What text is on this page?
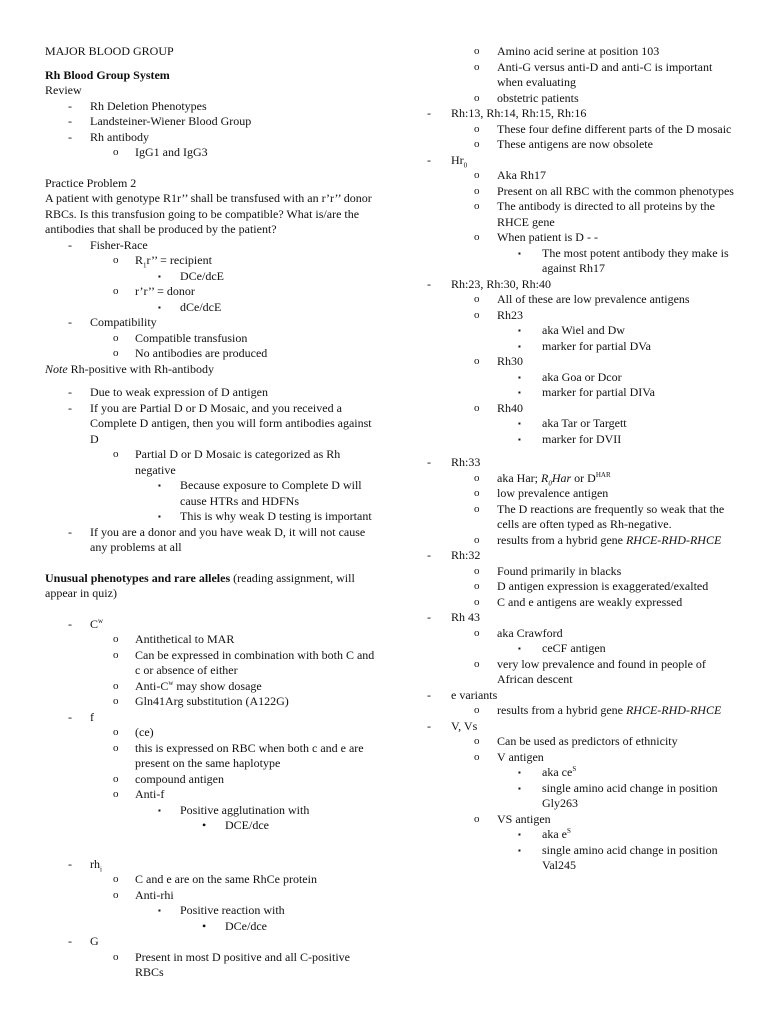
MAJOR BLOOD GROUP
Rh Blood Group System
Review
- Rh Deletion Phenotypes
- Landsteiner-Wiener Blood Group
- Rh antibody
o IgG1 and IgG3
Practice Problem 2
A patient with genotype R1r’’ shall be transfused with an r’r’’ donor RBCs. Is this transfusion going to be compatible? What is/are the antibodies that shall be produced by the patient?
- Fisher-Race
o $R_1r$’’ = recipient
▪ DCe/dcE
o r’r’’ = donor
▪ dCe/dcE
- Compatibility
o Compatible transfusion
o No antibodies are produced
Note Rh-positive with Rh-antibody
- Due to weak expression of D antigen
- If you are Partial D or D Mosaic, and you received a Complete D antigen, then you will form antibodies against D
o Partial D or D Mosaic is categorized as Rh negative
▪ Because exposure to Complete D will cause HTRs and HDFNs
▪ This is why weak D testing is important
- If you are a donor and you have weak D, it will not cause any problems at all
Unusual phenotypes and rare alleles (reading assignment, will appear in quiz)
- $C^w$
o Antithetical to MAR
o Can be expressed in combination with both C and c or absence of either
o Anti-$C^w$ may show dosage
o Gln41Arg substitution (A122G)
- f
o (ce)
o this is expressed on RBC when both c and e are present on the same haplotype
o compound antigen
o Anti-f
▪ Positive agglutination with
• DCE/dce
- $rh_i$
o C and e are on the same RhCe protein
o Anti-rhi
▪ Positive reaction with
• DCe/dce
- G
o Present in most D positive and all C-positive RBCs
o Amino acid serine at position 103
o Anti-G versus anti-D and anti-C is important when evaluating
o obstetric patients
- Rh:13, Rh:14, Rh:15, Rh:16
o These four define different parts of the D mosaic
o These antigens are now obsolete
- $Hr_0$
o Aka Rh17
o Present on all RBC with the common phenotypes
o The antibody is directed to all proteins by the RHCE gene
o When patient is D - -
▪ The most potent antibody they make is against Rh17
- Rh:23, Rh:30, Rh:40
o All of these are low prevalence antigens
o Rh23
▪ aka Wiel and Dw
▪ marker for partial DVa
o Rh30
▪ aka Goa or Dcor
▪ marker for partial DIVa
o Rh40
▪ aka Tar or Targett
▪ marker for DVII
- Rh:33
o aka Har; $R_0Har$ or $D^{HAR}$
o low prevalence antigen
o The D reactions are frequently so weak that the cells are often typed as Rh-negative.
o results from a hybrid gene RHCE-RHD-RHCE
- Rh:32
o Found primarily in blacks
o D antigen expression is exaggerated/exalted
o C and e antigens are weakly expressed
- Rh 43
o aka Crawford
▪ ceCF antigen
o very low prevalence and found in people of African descent
- e variants
o results from a hybrid gene RHCE-RHD-RHCE
- V, Vs
o Can be used as predictors of ethnicity
o V antigen
▪ aka $ce^S$
▪ single amino acid change in position Gly263
o VS antigen
▪ aka $e^S$
▪ single amino acid change in position Val245
